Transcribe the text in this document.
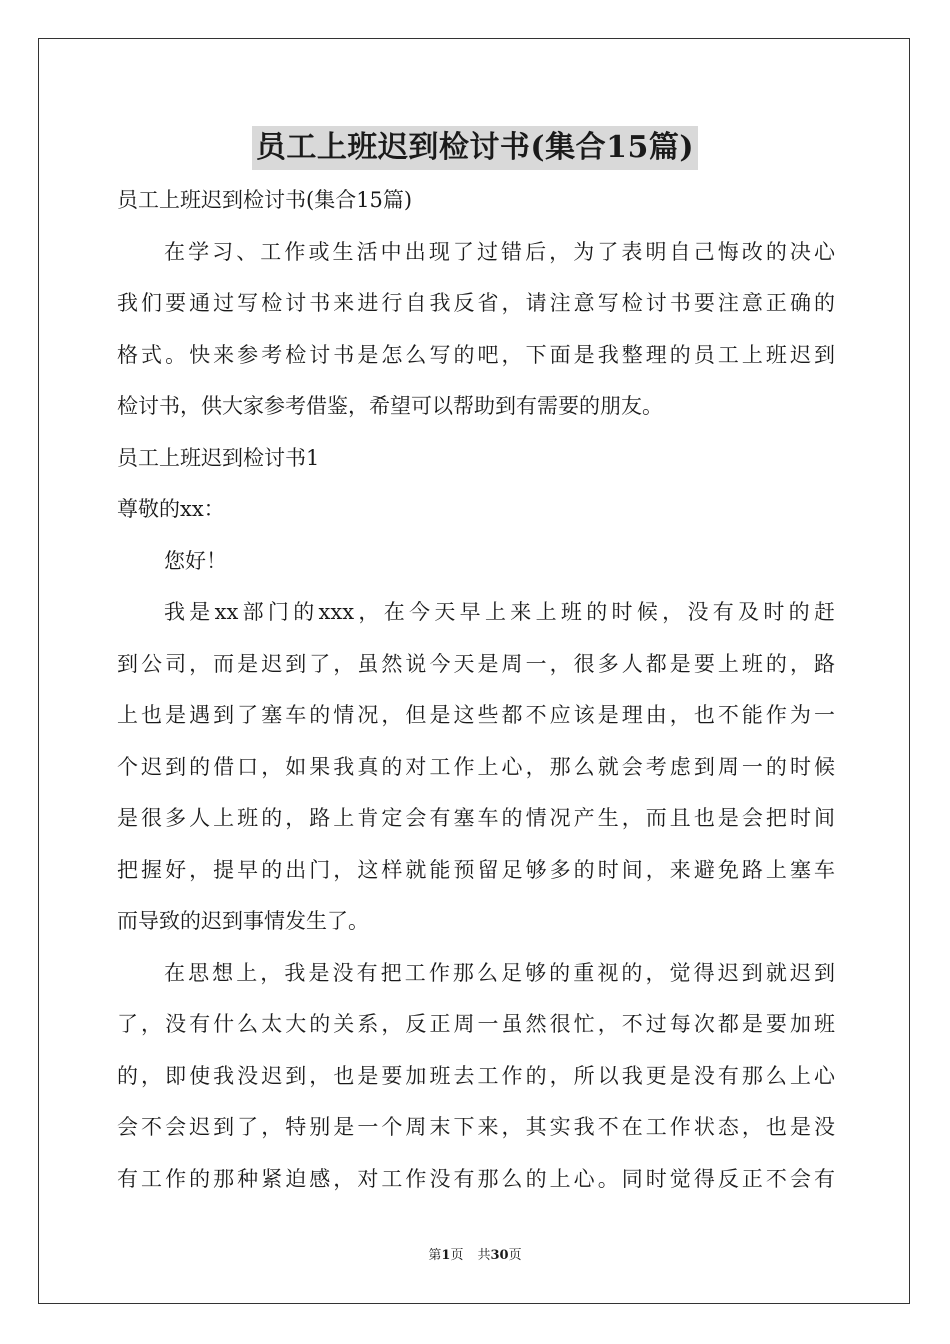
员工上班迟到检讨书(集合15篇)
员工上班迟到检讨书(集合15篇)
在学习、工作或生活中出现了过错后，为了表明自己悔改的决心
我们要通过写检讨书来进行自我反省，请注意写检讨书要注意正确的
格式。快来参考检讨书是怎么写的吧，下面是我整理的员工上班迟到
检讨书，供大家参考借鉴，希望可以帮助到有需要的朋友。
员工上班迟到检讨书1
尊敬的xx：
您好！
我是xx部门的xxx，在今天早上来上班的时候，没有及时的赶
到公司，而是迟到了，虽然说今天是周一，很多人都是要上班的，路
上也是遇到了塞车的情况，但是这些都不应该是理由，也不能作为一
个迟到的借口，如果我真的对工作上心，那么就会考虑到周一的时候
是很多人上班的，路上肯定会有塞车的情况产生，而且也是会把时间
把握好，提早的出门，这样就能预留足够多的时间，来避免路上塞车
而导致的迟到事情发生了。
在思想上，我是没有把工作那么足够的重视的，觉得迟到就迟到
了，没有什么太大的关系，反正周一虽然很忙，不过每次都是要加班
的，即使我没迟到，也是要加班去工作的，所以我更是没有那么上心
会不会迟到了，特别是一个周末下来，其实我不在工作状态，也是没
有工作的那种紧迫感，对工作没有那么的上心。同时觉得反正不会有
第1页 共30页
